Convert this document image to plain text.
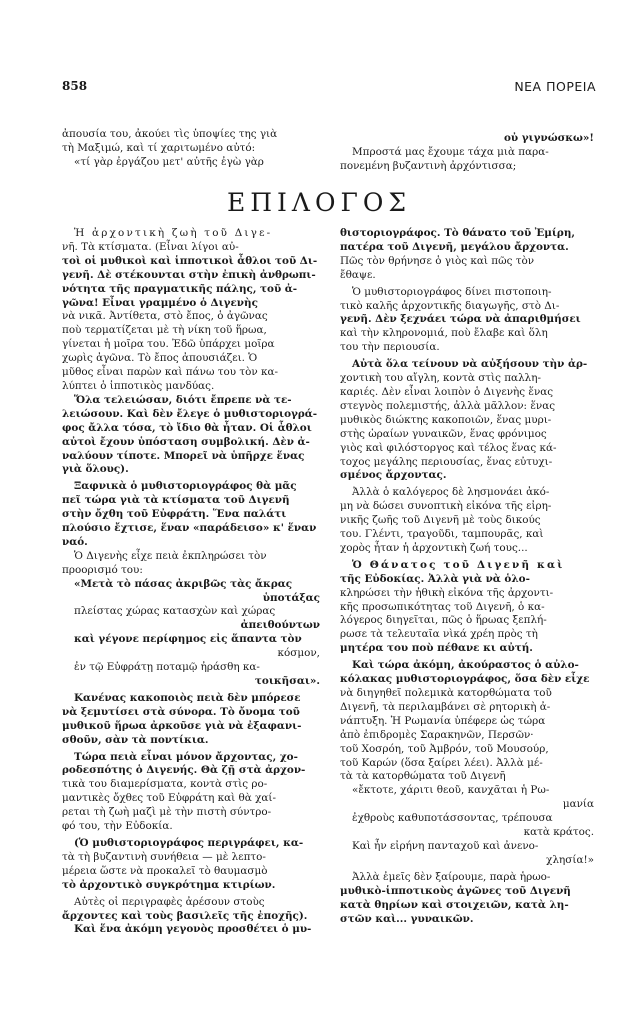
858	ΝΕΑ ΠΟΡΕΙΑ

ἀπουσία του, ἀκούει τὶς ὑποψίες της γιὰ

τὴ Μαξιμώ, καὶ τί χαριτωμένο αὐτό:

«τί γὰρ ἐργάζου μετ' αὐτῆς ἐγὼ γὰρ

οὐ γιγνώσκω»!

Μπροστά μας ἔχουμε τάχα μιὰ παρα-

πονεμένη βυζαντινὴ ἀρχόντισσα;

ΕΠΙΛΟΓΟΣ

Ἡ ἀρχοντικὴ ζωὴ τοῦ Διγε-

νῆ. Τὰ κτίσματα. (Εἶναι λίγοι αὐ-

τοὶ οἱ μυθικοὶ καὶ ἱπποτικοὶ ἆθλοι τοῦ Δι-

γενῆ. Δὲ στέκουνται στὴν ἐπικὴ ἀνθρωπι-

νότητα τῆς πραγματικῆς πάλης, τοῦ ἀ-

γῶνα! Εἶναι γραμμένο ὁ Διγενὴς

νὰ νικᾶ. Ἀντίθετα, στὸ ἔπος, ὁ ἀγῶνας

ποὺ τερματίζεται μὲ τὴ νίκη τοῦ ἥρωα,

γίνεται ἡ μοῖρα του. Ἐδῶ ὑπάρχει μοῖρα

χωρὶς ἀγῶνα. Τὸ ἔπος ἀπουσιάζει. Ὁ

μῦθος εἶναι παρὼν καὶ πάνω του τὸν κα-

λύπτει ὁ ἱπποτικὸς μανδύας.

Ὅλα τελειώσαν, διότι ἔπρεπε νὰ τε-

λειώσουν. Καὶ δὲν ἔλεγε ὁ μυθιστοριογρά-

φος ἄλλα τόσα, τὸ ἴδιο θὰ ἦταν. Οἱ ἆθλοι

αὐτοὶ ἔχουν ὑπόσταση συμβολική. Δὲν ἀ-

ναλύουν τίποτε. Μπορεῖ νὰ ὑπῆρχε ἕνας

γιὰ ὅλους).

Ξαφνικὰ ὁ μυθιστοριογράφος θὰ μᾶς

πεῖ τώρα γιὰ τὰ κτίσματα τοῦ Διγενῆ

στὴν ὄχθη τοῦ Εὐφράτη. Ἕνα παλάτι

πλούσιο ἔχτισε, ἕναν «παράδεισο» κ' ἕναν

ναό.

Ὁ Διγενὴς εἶχε πειὰ ἐκπληρώσει τὸν

προορισμό του:

«Μετὰ τὸ πάσας ἀκριβῶς τὰς ἄκρας

ὑποτάξας

πλείστας χώρας κατασχὼν καὶ χώρας

ἀπειθούντων

καὶ γέγονε περίφημος εἰς ἅπαντα τὸν

κόσμον,

ἐν τῷ Εὐφράτῃ ποταμῷ ἠράσθη κα-

τοικῆσαι».

Κανένας κακοποιὸς πειὰ δὲν μπόρεσε

νὰ ξεμυτίσει στὰ σύνορα. Τὸ ὄνομα τοῦ

μυθικοῦ ἥρωα ἀρκοῦσε γιὰ νὰ ἐξαφανι-

σθοῦν, σὰν τὰ ποντίκια.

Τώρα πειὰ εἶναι μόνον ἄρχοντας, χο-

ροδεσπότης ὁ Διγενής. Θὰ ζῇ στὰ ἀρχον-

τικὰ του διαμερίσματα, κοντὰ στὶς ρο-

μαντικὲς ὄχθες τοῦ Εὐφράτη καὶ θὰ χαί-

ρεται τὴ ζωὴ μαζὶ μὲ τὴν πιστὴ σύντρο-

φό του, τὴν Εὐδοκία.

(Ὁ μυθιστοριογράφος περιγράφει, κα-

τὰ τὴ βυζαντινὴ συνήθεια — μὲ λεπτο-

μέρεια ὥστε νὰ προκαλεῖ τὸ θαυμασμὸ

τὸ ἀρχοντικὸ συγκρότημα κτιρίων.

Αὐτὲς οἱ περιγραφὲς ἀρέσουν στοὺς

ἄρχοντες καὶ τοὺς βασιλεῖς τῆς ἐποχῆς).

Καὶ ἕνα ἀκόμη γεγονὸς προσθέτει ὁ μυ-

θιστοριογράφος. Τὸ θάνατο τοῦ Ἐμίρη,

πατέρα τοῦ Διγενῆ, μεγάλου ἄρχοντα.

Πῶς τὸν θρήνησε ὁ γιὸς καὶ πῶς τὸν

ἔθαψε.

Ὁ μυθιστοριογράφος δίνει πιστοποιη-

τικὸ καλῆς ἀρχοντικῆς διαγωγῆς, στὸ Δι-

γενῆ. Δὲν ξεχνάει τώρα νὰ ἀπαριθμήσει

καὶ τὴν κληρονομιά, ποὺ ἔλαβε καὶ ὅλη

του τὴν περιουσία.

Αὐτὰ ὅλα τείνουν νὰ αὐξήσουν τὴν ἀρ-

χοντικὴ του αἴγλη, κοντὰ στὶς παλλη-

καριές. Δὲν εἶναι λοιπὸν ὁ Διγενὴς ἕνας

στεγνὸς πολεμιστής, ἀλλὰ μᾶλλον: ἕνας

μυθικὸς διώκτης κακοποιῶν, ἕνας μυρι-

στὴς ὡραίων γυναικῶν, ἕνας φρόνιμος

γιὸς καὶ φιλόστοργος καὶ τέλος ἕνας κά-

τοχος μεγάλης περιουσίας, ἕνας εὐτυχι-

σμένος ἄρχοντας.

Ἀλλὰ ὁ καλόγερος δὲ λησμονάει ἀκό-

μη νὰ δώσει συνοπτικὴ εἰκόνα τῆς εἰρη-

νικῆς ζωῆς τοῦ Διγενῆ μὲ τοὺς δικούς

του. Γλέντι, τραγοῦδι, ταμπουρᾶς, καὶ

χορὸς ἦταν ἡ ἀρχοντικὴ ζωή τους...

Ὁ Θάνατος τοῦ Διγενῆ καὶ

τῆς Εὐδοκίας. Ἀλλὰ γιὰ νὰ ὁλο-

κληρώσει τὴν ἠθικὴ εἰκόνα τῆς ἀρχοντι-

κῆς προσωπικότητας τοῦ Διγενῆ, ὁ κα-

λόγερος διηγεῖται, πῶς ὁ ἥρωας ξεπλή-

ρωσε τὰ τελευταῖα νὶκά χρέη πρὸς τὴ

μητέρα του ποὺ πέθανε κι αὐτή.

Καὶ τώρα ἀκόμη, ἀκούραστος ὁ αὐλο-

κόλακας μυθιστοριογράφος, ὅσα δὲν εἶχε

νὰ διηγηθεῖ πολεμικὰ κατορθώματα τοῦ

Διγενῆ, τὰ περιλαμβάνει σὲ ρητορικὴ ἀ-

νάπτυξη. Ἡ Ρωμανία ὑπέφερε ὡς τώρα

ἀπὸ ἐπιδρομὲς Σαρακηνῶν, Περσῶν·

τοῦ Χοσρόη, τοῦ Ἀμβρόν, τοῦ Μουσούρ,

τοῦ Καρών (ὅσα ξαίρει λέει). Ἀλλὰ μέ-

τὰ τὰ κατορθώματα τοῦ Διγενῆ

«ἔκτοτε, χάριτι θεοῦ, κανχᾶται ἡ Ρω-

μανία

ἐχθροὺς καθυποτάσσοντας, τρέπουσα

κατὰ κράτος.

Καὶ ἦν εἰρήνη πανταχοῦ καὶ ἀνενο-

χλησία!»

Ἀλλὰ ἐμεῖς δὲν ξαίρουμε, παρὰ ἡρωο-

μυθικὸ-ἱπποτικοὺς ἀγῶνες τοῦ Διγενῆ

κατὰ θηρίων καὶ στοιχειῶν, κατὰ λη-

στῶν καὶ... γυναικῶν.
